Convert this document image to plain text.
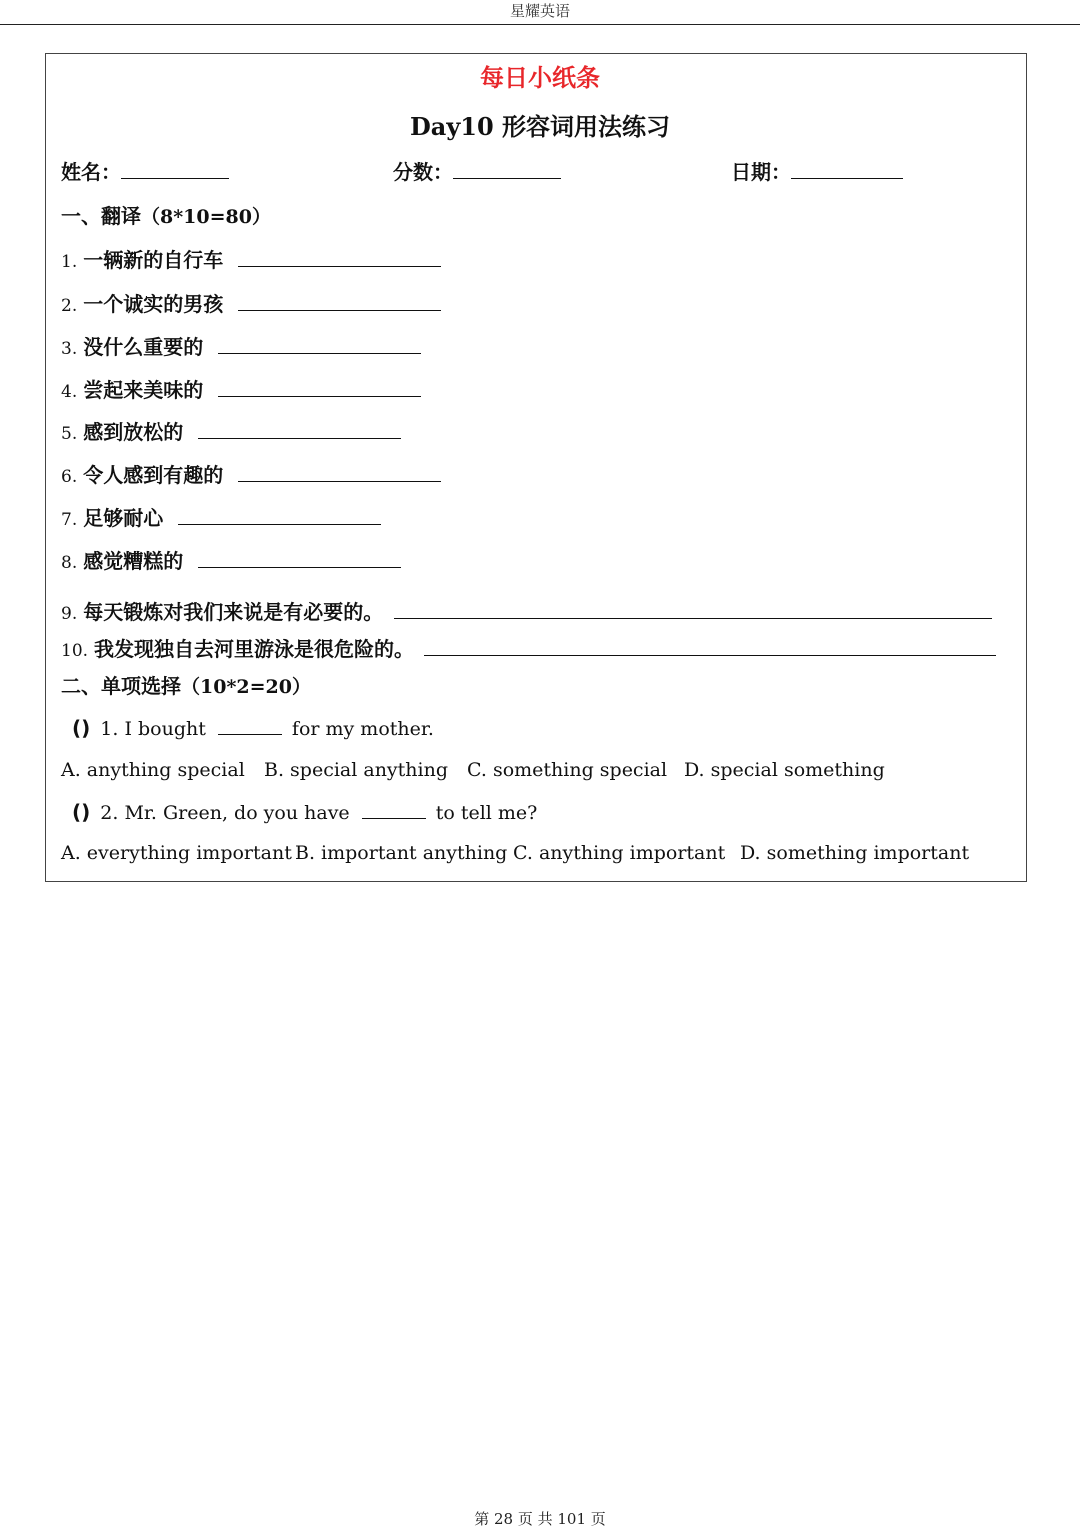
星耀英语
每日小纸条
Day10 形容词用法练习
姓名：	分数：	日期：
一、翻译（8*10=80）
1. 一辆新的自行车
2. 一个诚实的男孩
3. 没什么重要的
4. 尝起来美味的
5. 感到放松的
6. 令人感到有趣的
7. 足够耐心
8. 感觉糟糕的
9. 每天锻炼对我们来说是有必要的。
10. 我发现独自去河里游泳是很危险的。
二、单项选择（10*2=20）
() 1. I bought	for my mother.
A. anything special B. special anything C. something special D. special something
() 2. Mr. Green, do you have	to tell me?
A. everything important B. important anything C. anything important D. something important
第 28 页 共 101 页
